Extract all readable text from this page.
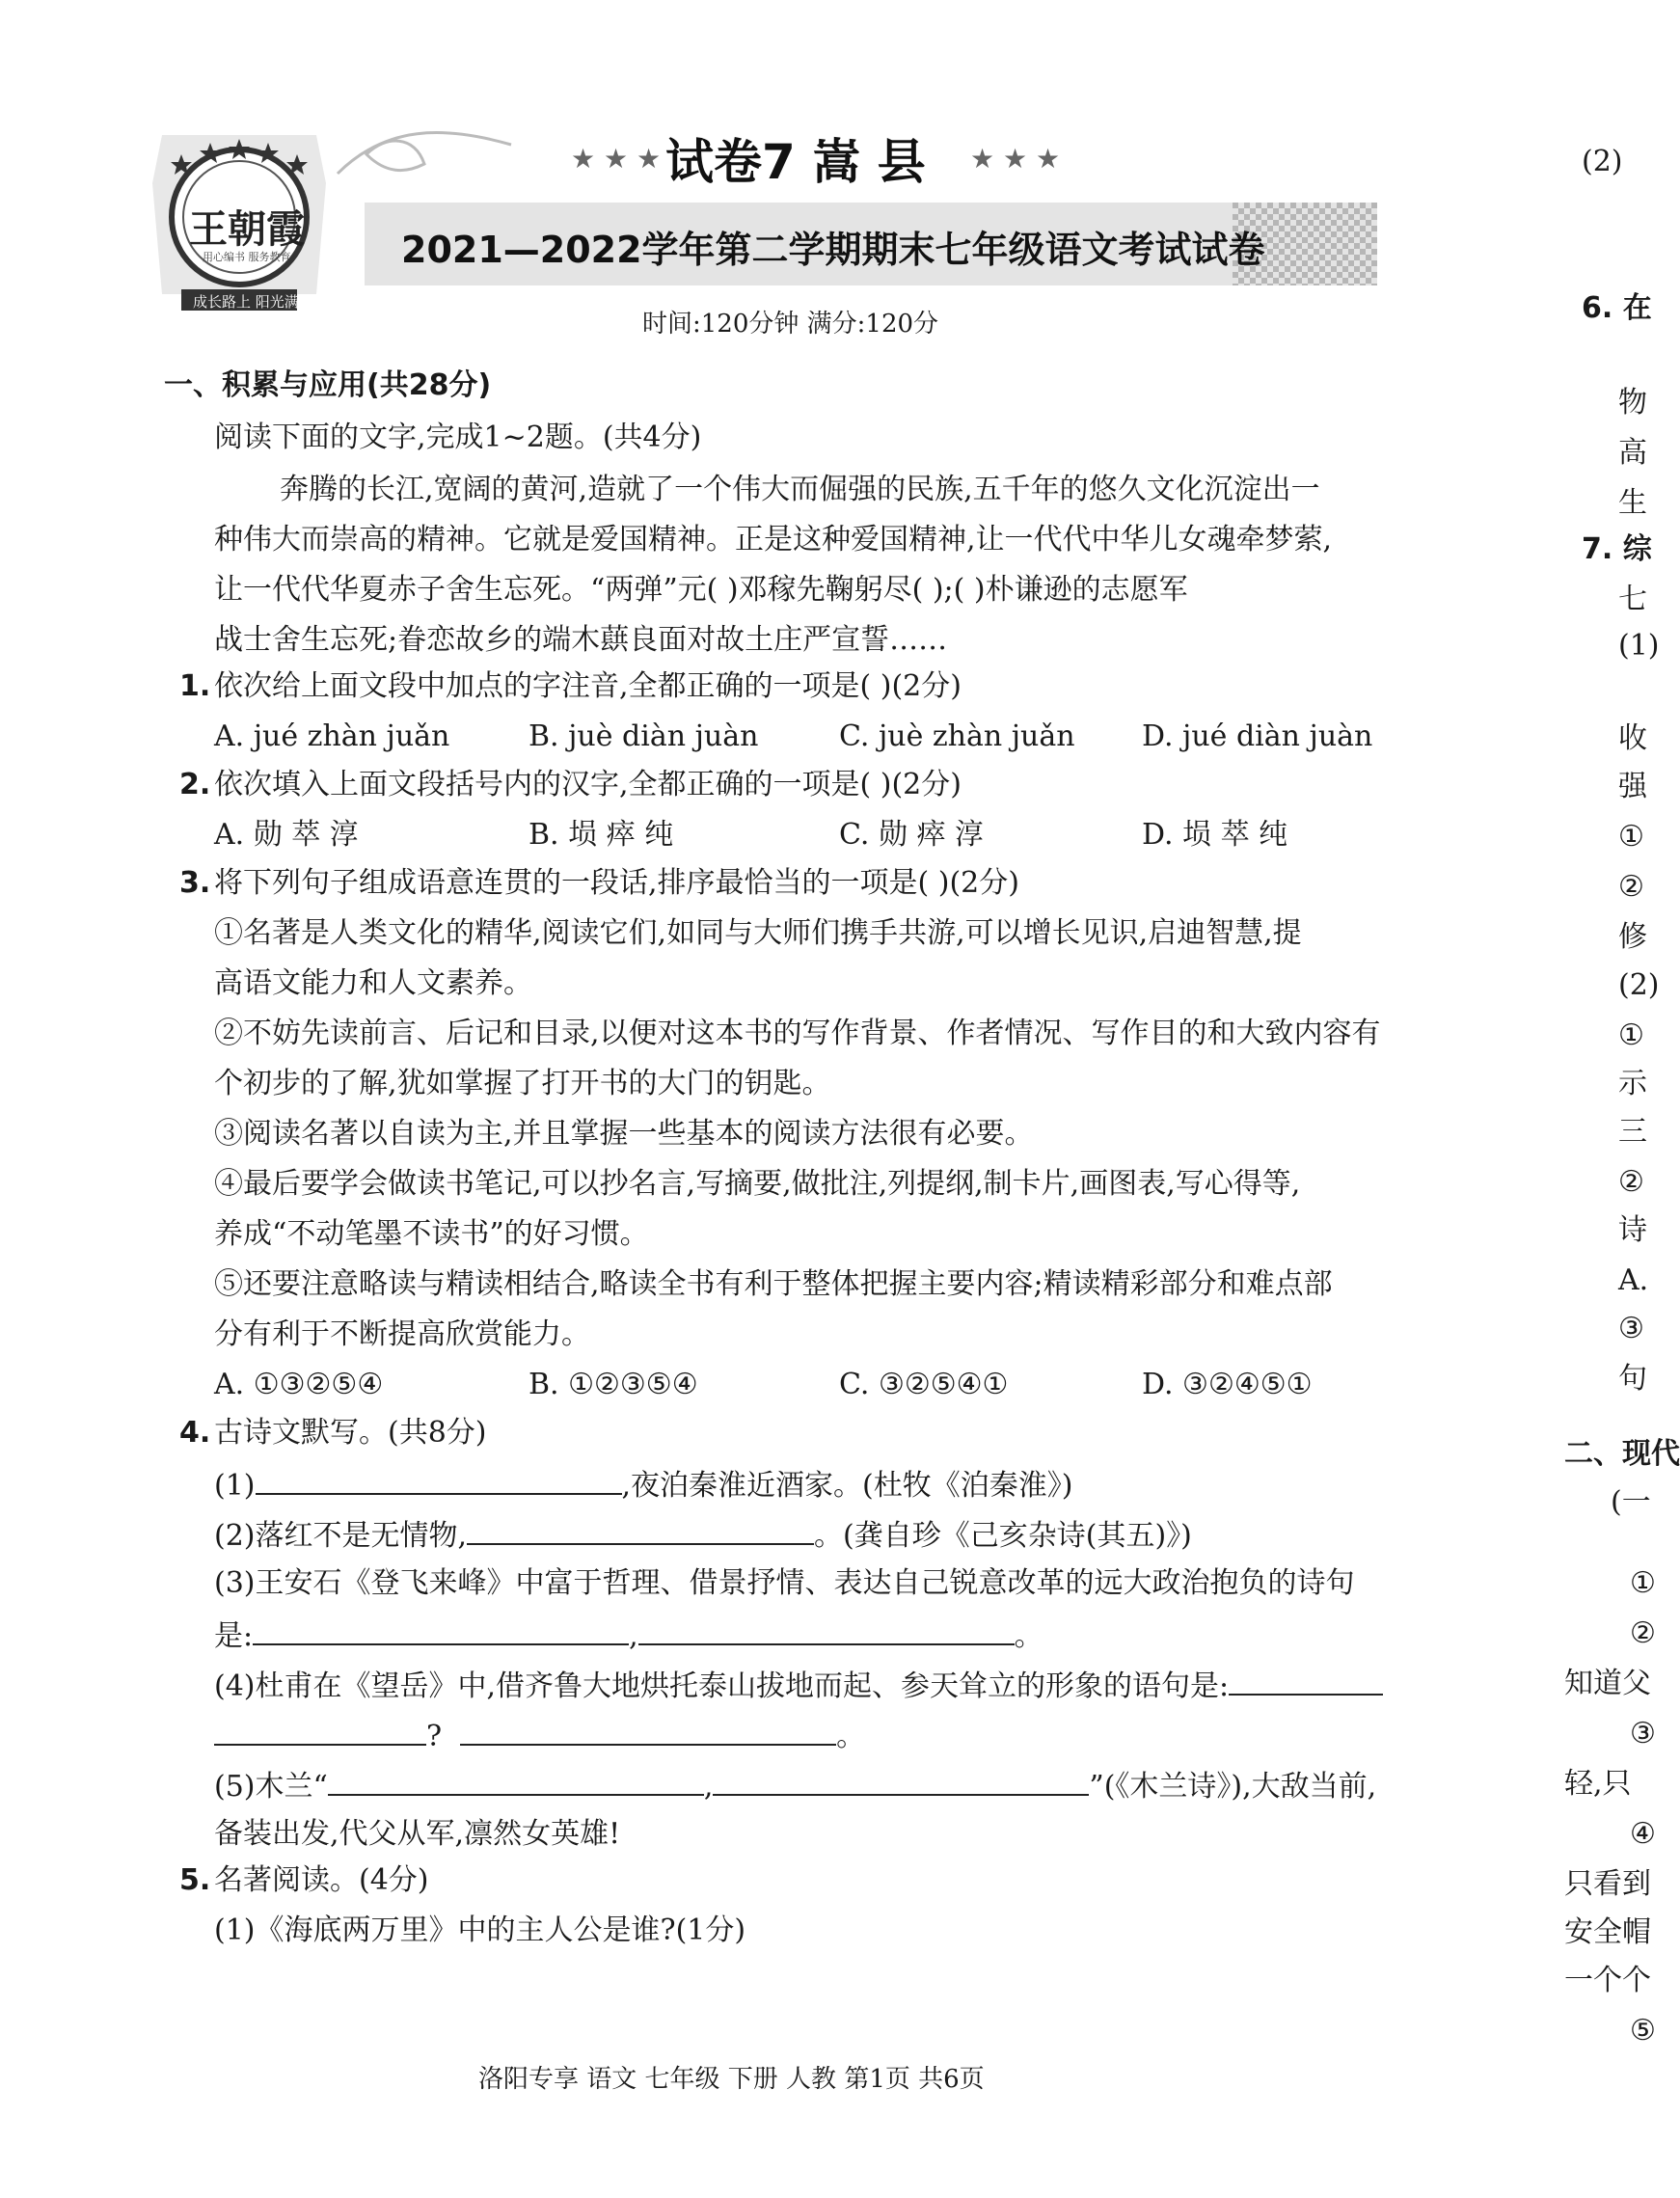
王朝霞
用心编书 服务教育
成长路上 阳光满天
★ ★ ★ 试卷7 嵩 县 ★ ★ ★
2021—2022学年第二学期期末七年级语文考试试卷
时间:120分钟 满分:120分
一、积累与应用(共28分)
阅读下面的文字,完成1~2题。(共4分)
奔腾的长江,宽阔的黄河,造就了一个伟大而倔强的民族,五千年的悠久文化沉淀出一
种伟大而崇高的精神。它就是爱国精神。正是这种爱国精神,让一代代中华儿女魂牵梦萦,
让一代代华夏赤子舍生忘死。“两弹”元( )邓稼先鞠躬尽( );( )朴谦逊的志愿军
战士舍生忘死;眷恋故乡的端木蕻良面对故土庄严宣誓……
1. 依次给上面文段中加点的字注音,全都正确的一项是( )(2分)
A. jué zhàn juǎn	B. juè diàn juàn	C. juè zhàn juǎn D. jué diàn juàn
2. 依次填入上面文段括号内的汉字,全都正确的一项是( )(2分)
A. 勋 萃 淳	B. 埙 瘁 纯	C. 勋 瘁 淳	D. 埙 萃 纯
3. 将下列句子组成语意连贯的一段话,排序最恰当的一项是( )(2分)
①名著是人类文化的精华,阅读它们,如同与大师们携手共游,可以增长见识,启迪智慧,提
高语文能力和人文素养。
②不妨先读前言、后记和目录,以便对这本书的写作背景、作者情况、写作目的和大致内容有
个初步的了解,犹如掌握了打开书的大门的钥匙。
③阅读名著以自读为主,并且掌握一些基本的阅读方法很有必要。
④最后要学会做读书笔记,可以抄名言,写摘要,做批注,列提纲,制卡片,画图表,写心得等,
养成“不动笔墨不读书”的好习惯。
⑤还要注意略读与精读相结合,略读全书有利于整体把握主要内容;精读精彩部分和难点部
分有利于不断提高欣赏能力。
A. ①③②⑤④	B. ①②③⑤④	C. ③②⑤④①	D. ③②④⑤①
4. 古诗文默写。(共8分)
(1)	,夜泊秦淮近酒家。(杜牧《泊秦淮》)
(2)落红不是无情物,	。(龚自珍《己亥杂诗(其五)》)
(3)王安石《登飞来峰》中富于哲理、借景抒情、表达自己锐意改革的远大政治抱负的诗句
是:	,	。
(4)杜甫在《望岳》中,借齐鲁大地烘托泰山拔地而起、参天耸立的形象的语句是:
?	。
(5)木兰“	,	”(《木兰诗》),大敌当前,
备装出发,代父从军,凛然女英雄!
5. 名著阅读。(4分)
(1)《海底两万里》中的主人公是谁?(1分)
(2)
6. 在
物
高
生
7. 综
七
(1)
收
强
①
②
修
(2)
①
示
三
②
诗
A.
③
句
二、现代
(一
①
②
知道父
③
轻,只
④
只看到
安全帽
一个个
⑤
洛阳专享 语文 七年级 下册 人教 第1页 共6页
